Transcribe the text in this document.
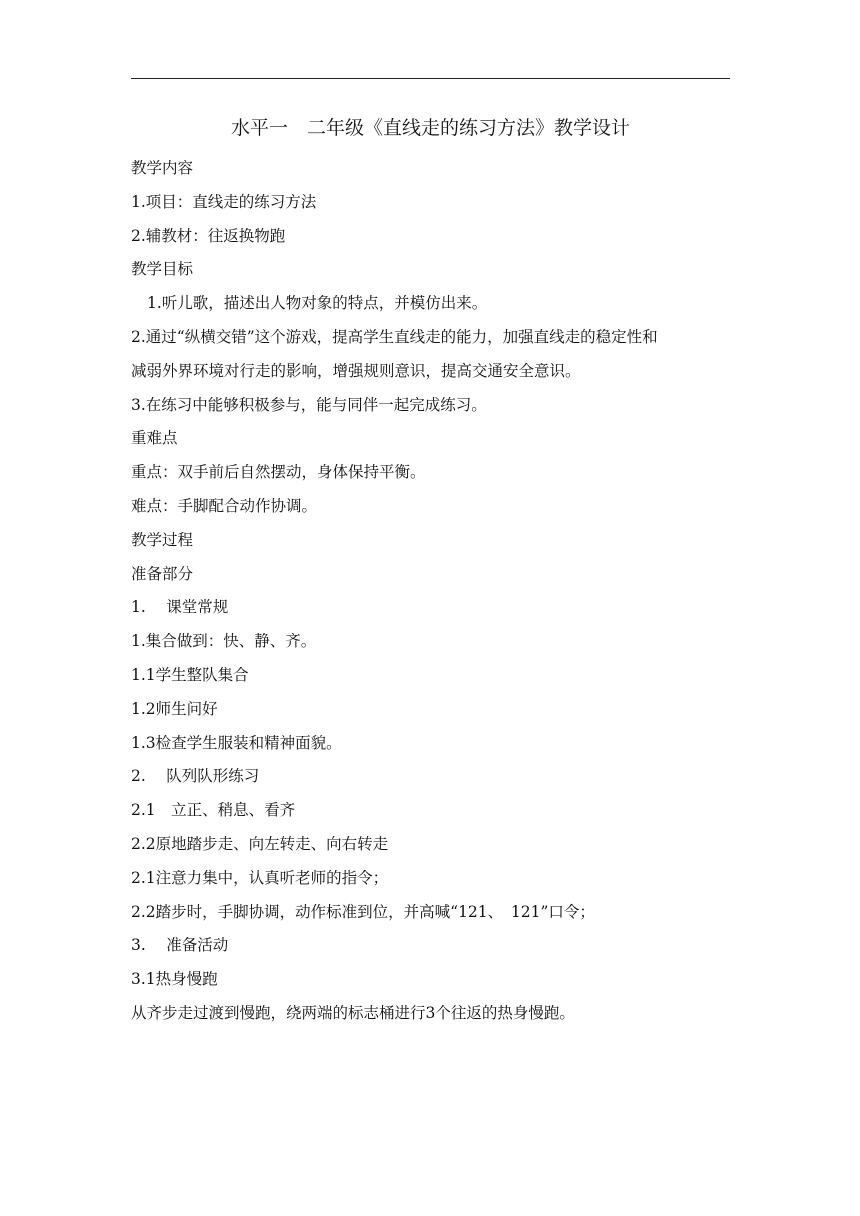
水平一　二年级《直线走的练习方法》教学设计
教学内容
1.项目：直线走的练习方法
2.辅教材：往返换物跑
教学目标
1.听儿歌，描述出人物对象的特点，并模仿出来。
2.通过“纵横交错”这个游戏，提高学生直线走的能力，加强直线走的稳定性和
减弱外界环境对行走的影响，增强规则意识，提高交通安全意识。
3.在练习中能够积极参与，能与同伴一起完成练习。
重难点
重点：双手前后自然摆动，身体保持平衡。
难点：手脚配合动作协调。
教学过程
准备部分
1.　 课堂常规
1.集合做到：快、静、齐。
1.1学生整队集合
1.2师生问好
1.3检查学生服装和精神面貌。
2.　 队列队形练习
2.1　立正、稍息、看齐
2.2原地踏步走、向左转走、向右转走
2.1注意力集中，认真听老师的指令；
2.2踏步时，手脚协调，动作标准到位，并高喊“121、　121”口令；
3.　 准备活动
3.1热身慢跑
从齐步走过渡到慢跑，绕两端的标志桶进行3个往返的热身慢跑。
